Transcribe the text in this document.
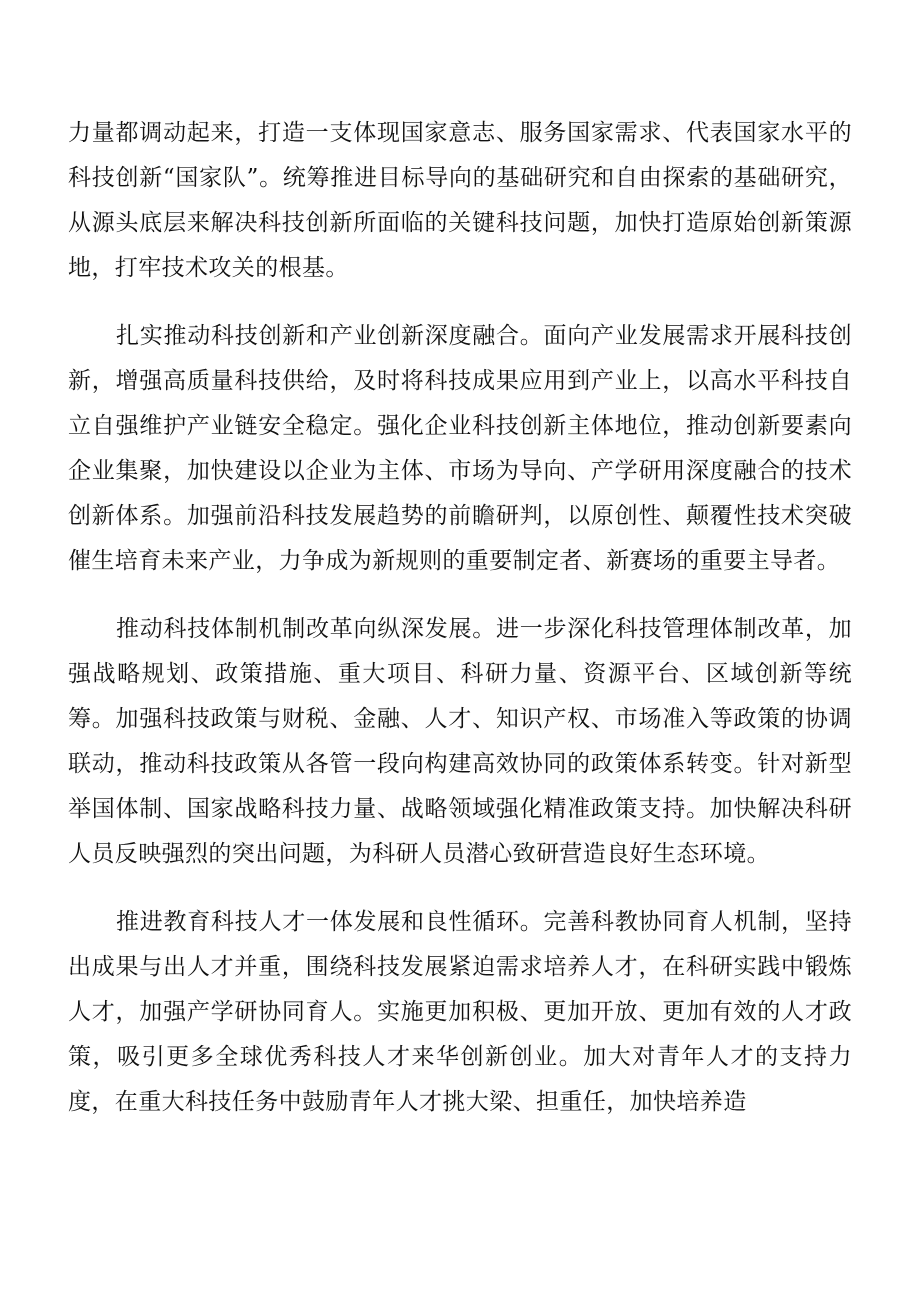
力量都调动起来，打造一支体现国家意志、服务国家需求、代表国家水平的科技创新“国家队”。统筹推进目标导向的基础研究和自由探索的基础研究，从源头底层来解决科技创新所面临的关键科技问题，加快打造原始创新策源地，打牢技术攻关的根基。

扎实推动科技创新和产业创新深度融合。面向产业发展需求开展科技创新，增强高质量科技供给，及时将科技成果应用到产业上，以高水平科技自立自强维护产业链安全稳定。强化企业科技创新主体地位，推动创新要素向企业集聚，加快建设以企业为主体、市场为导向、产学研用深度融合的技术创新体系。加强前沿科技发展趋势的前瞻研判，以原创性、颠覆性技术突破催生培育未来产业，力争成为新规则的重要制定者、新赛场的重要主导者。

推动科技体制机制改革向纵深发展。进一步深化科技管理体制改革，加强战略规划、政策措施、重大项目、科研力量、资源平台、区域创新等统筹。加强科技政策与财税、金融、人才、知识产权、市场准入等政策的协调联动，推动科技政策从各管一段向构建高效协同的政策体系转变。针对新型举国体制、国家战略科技力量、战略领域强化精准政策支持。加快解决科研人员反映强烈的突出问题，为科研人员潜心致研营造良好生态环境。

推进教育科技人才一体发展和良性循环。完善科教协同育人机制，坚持出成果与出人才并重，围绕科技发展紧迫需求培养人才，在科研实践中锻炼人才，加强产学研协同育人。实施更加积极、更加开放、更加有效的人才政策，吸引更多全球优秀科技人才来华创新创业。加大对青年人才的支持力度，在重大科技任务中鼓励青年人才挑大梁、担重任，加快培养造
